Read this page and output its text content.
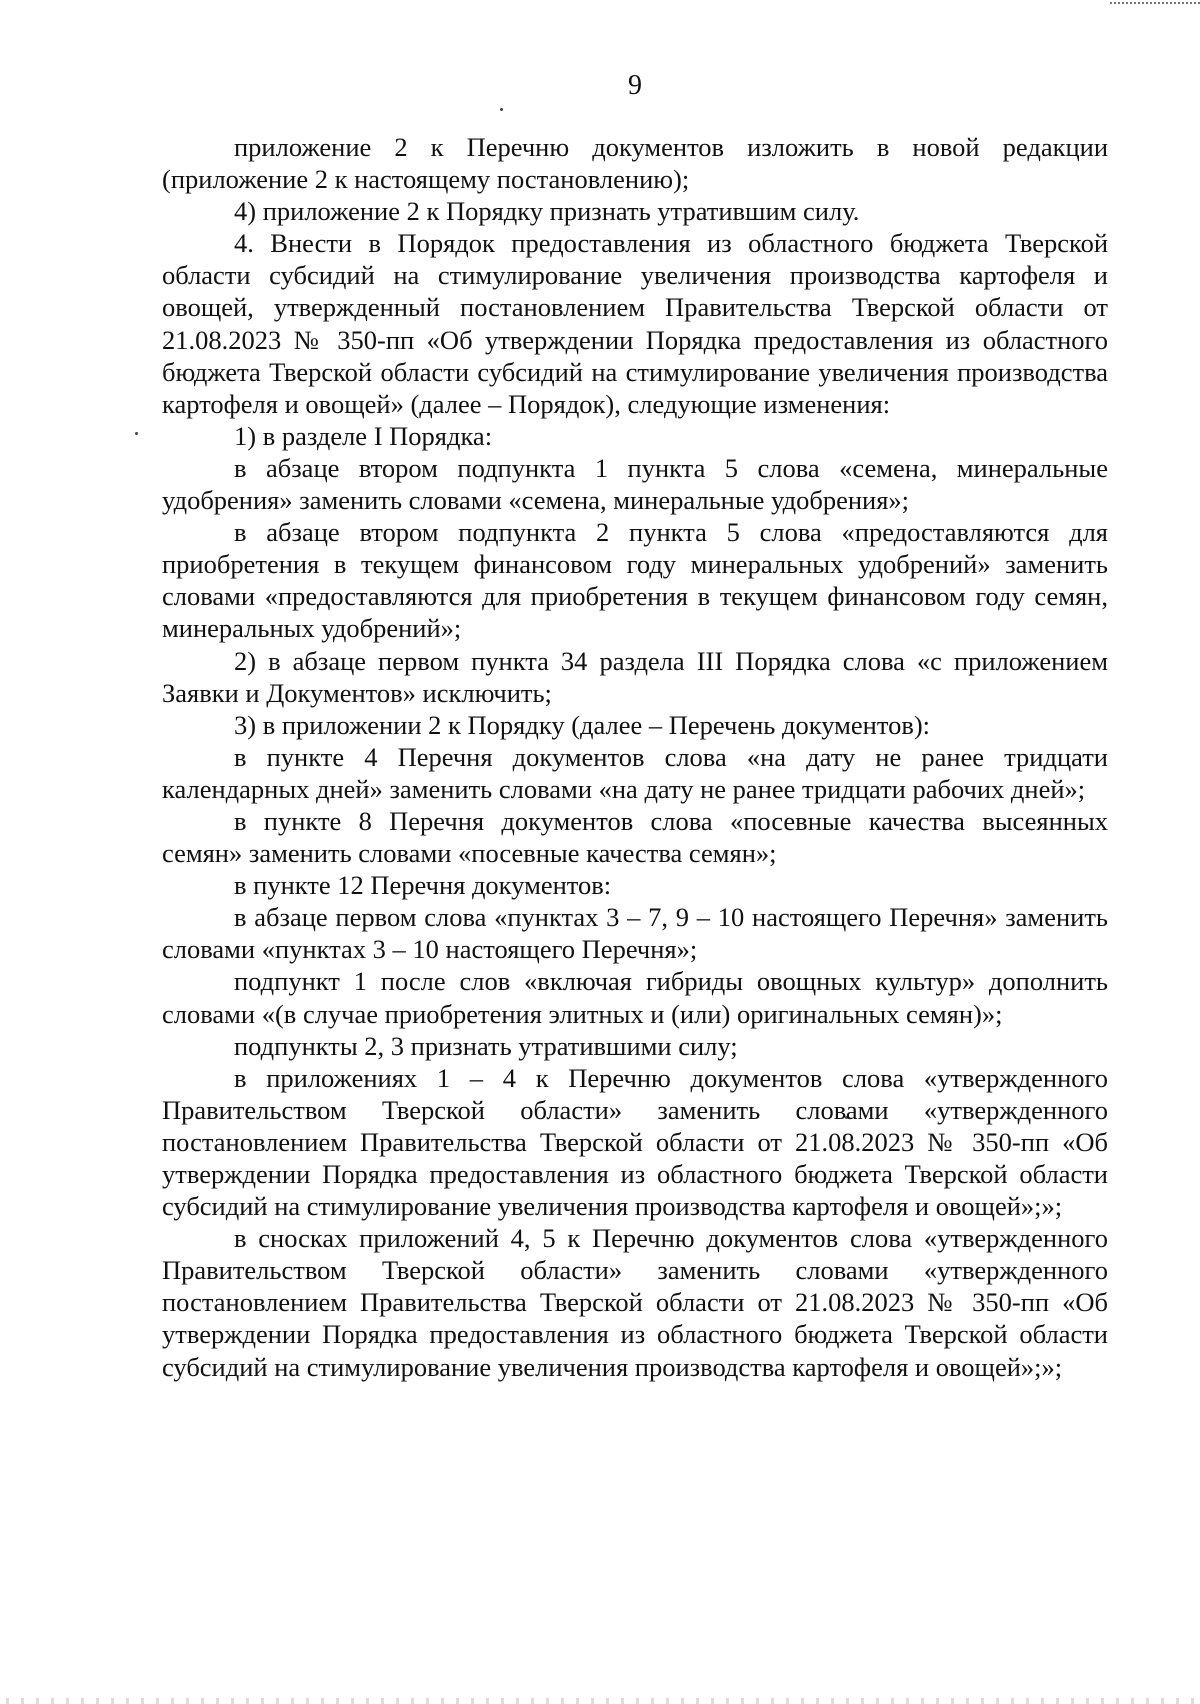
9

приложение 2 к Перечню документов изложить в новой редакции (приложение 2 к настоящему постановлению);

4) приложение 2 к Порядку признать утратившим силу.

4. Внести в Порядок предоставления из областного бюджета Тверской области субсидий на стимулирование увеличения производства картофеля и овощей, утвержденный постановлением Правительства Тверской области от 21.08.2023 № 350-пп «Об утверждении Порядка предоставления из областного бюджета Тверской области субсидий на стимулирование увеличения производства картофеля и овощей» (далее – Порядок), следующие изменения:

1) в разделе I Порядка:

в абзаце втором подпункта 1 пункта 5 слова «семена, минеральные удобрения» заменить словами «семена, минеральные удобрения»;

в абзаце втором подпункта 2 пункта 5 слова «предоставляются для приобретения в текущем финансовом году минеральных удобрений» заменить словами «предоставляются для приобретения в текущем финансовом году семян, минеральных удобрений»;

2) в абзаце первом пункта 34 раздела III Порядка слова «с приложением Заявки и Документов» исключить;

3) в приложении 2 к Порядку (далее – Перечень документов):

в пункте 4 Перечня документов слова «на дату не ранее тридцати календарных дней» заменить словами «на дату не ранее тридцати рабочих дней»;

в пункте 8 Перечня документов слова «посевные качества высеянных семян» заменить словами «посевные качества семян»;

в пункте 12 Перечня документов:

в абзаце первом слова «пунктах 3 – 7, 9 – 10 настоящего Перечня» заменить словами «пунктах 3 – 10 настоящего Перечня»;

подпункт 1 после слов «включая гибриды овощных культур» дополнить словами «(в случае приобретения элитных и (или) оригинальных семян)»;

подпункты 2, 3 признать утратившими силу;

в приложениях 1 – 4 к Перечню документов слова «утвержденного Правительством Тверской области» заменить словами «утвержденного постановлением Правительства Тверской области от 21.08.2023 № 350-пп «Об утверждении Порядка предоставления из областного бюджета Тверской области субсидий на стимулирование увеличения производства картофеля и овощей»;»;

в сносках приложений 4, 5 к Перечню документов слова «утвержденного Правительством Тверской области» заменить словами «утвержденного постановлением Правительства Тверской области от 21.08.2023 № 350-пп «Об утверждении Порядка предоставления из областного бюджета Тверской области субсидий на стимулирование увеличения производства картофеля и овощей»;»;
